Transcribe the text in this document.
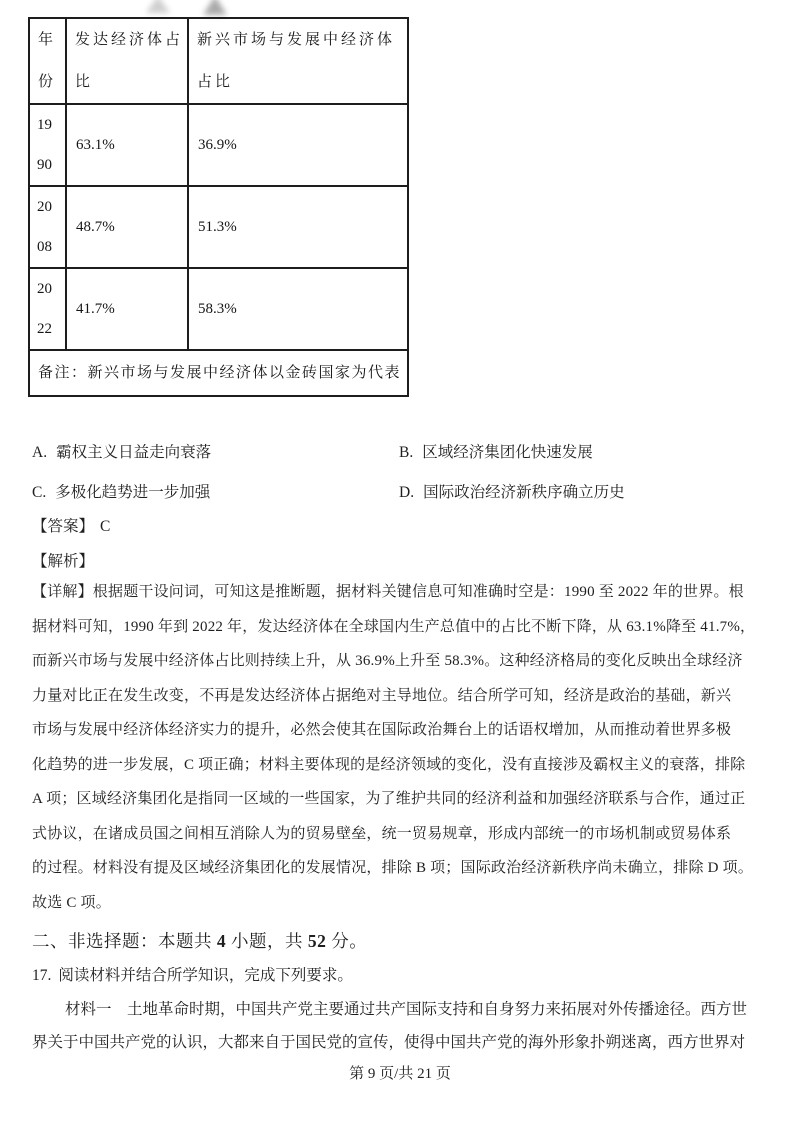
年份	发达经济体占比	新兴市场与发展中经济体占比

19
90	63.1%	36.9%

20
08	48.7%	51.3%

20
22	41.7%	58.3%
备注：新兴市场与发展中经济体以金砖国家为代表		
A. 霸权主义日益走向衰落	B. 区域经济集团化快速发展
C. 多极化趋势进一步加强	D. 国际政治经济新秩序确立历史
【答案】 C
【解析】
【详解】根据题干设问词，可知这是推断题，据材料关键信息可知准确时空是：1990 至 2022 年的世界。根
据材料可知，1990 年到 2022 年，发达经济体在全球国内生产总值中的占比不断下降，从 63.1%降至 41.7%，
而新兴市场与发展中经济体占比则持续上升，从 36.9%上升至 58.3%。这种经济格局的变化反映出全球经济
力量对比正在发生改变，不再是发达经济体占据绝对主导地位。结合所学可知，经济是政治的基础，新兴
市场与发展中经济体经济实力的提升，必然会使其在国际政治舞台上的话语权增加，从而推动着世界多极
化趋势的进一步发展，C 项正确；材料主要体现的是经济领域的变化，没有直接涉及霸权主义的衰落，排除
A 项；区域经济集团化是指同一区域的一些国家，为了维护共同的经济利益和加强经济联系与合作，通过正
式协议，在诸成员国之间相互消除人为的贸易壁垒，统一贸易规章，形成内部统一的市场机制或贸易体系
的过程。材料没有提及区域经济集团化的发展情况，排除 B 项；国际政治经济新秩序尚未确立，排除 D 项。
故选 C 项。
二、非选择题：本题共 4 小题，共 52 分。
17. 阅读材料并结合所学知识，完成下列要求。
材料一　土地革命时期，中国共产党主要通过共产国际支持和自身努力来拓展对外传播途径。西方世
界关于中国共产党的认识，大都来自于国民党的宣传，使得中国共产党的海外形象扑朔迷离，西方世界对
第 9 页/共 21 页
